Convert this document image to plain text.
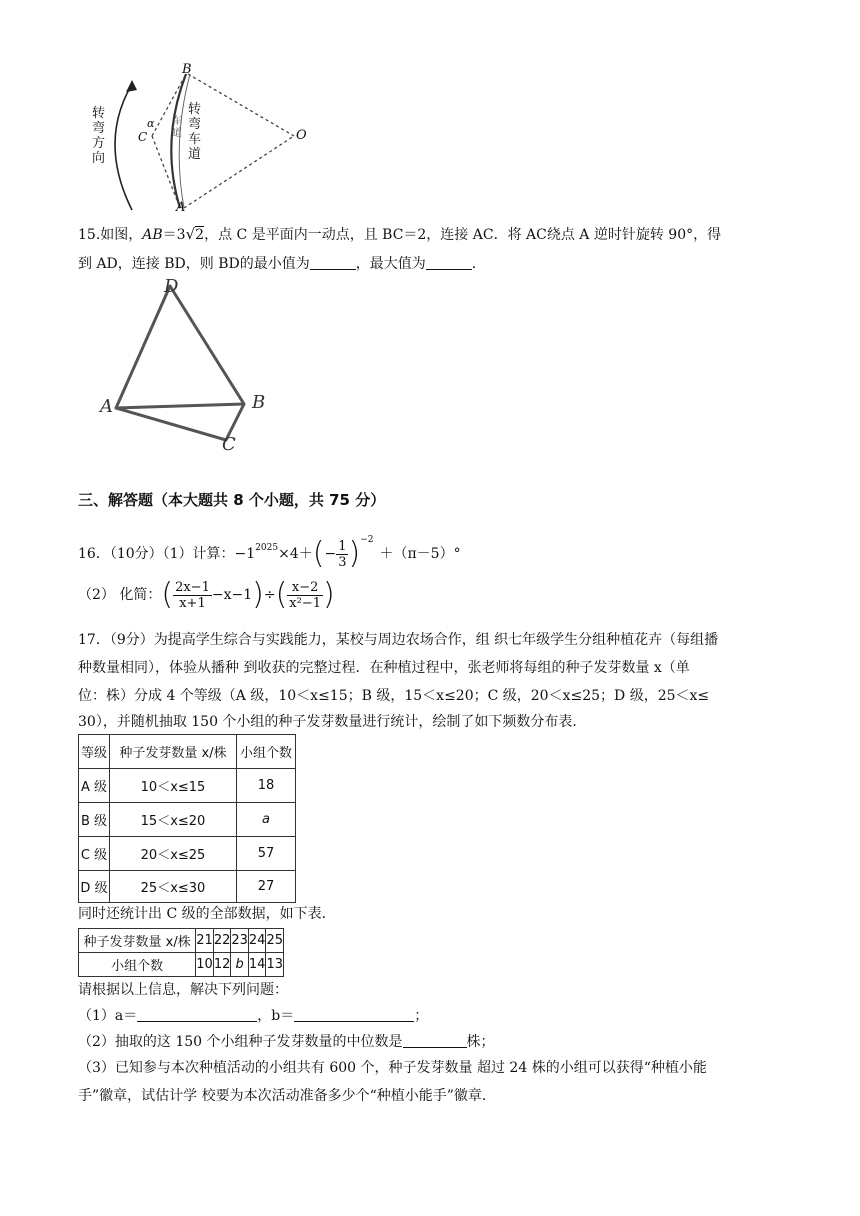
转弯方向
转弯车道
车道
B
A
C	O
α
15.如图，AB＝3√2，点 C 是平面内一动点，且 BC＝2，连接 AC．将 AC绕点 A 逆时针旋转 90°，得
到 AD，连接 BD，则 BD的最小值为	，最大值为	．
D
A	B
C
三、解答题（本大题共 8 个小题，共 75 分）
16．（10分）（1）计算：$-1^{2025}\times 4+(- \frac{1}{3} )^{-2}+(\pi-5)^\circ$
（2） 化简：( $\frac{2x-1}{x+1} -x-1)\div( \frac{x-2}{\text{x²−1}}$ )
17．（9分）为提高学生综合与实践能力，某校与周边农场合作，组 织七年级学生分组种植花卉（每组播
种数量相同），体验从播种 到收获的完整过程．在种植过程中，张老师将每组的种子发芽数量 x（单
位：株）分成 4 个等级（A 级，10＜x≤15；B 级，15＜x≤20；C 级，20＜x≤25；D 级，25＜x≤
30），并随机抽取 150 个小组的种子发芽数量进行统计，绘制了如下频数分布表．
等级	种子发芽数量 x/株	小组个数
A 级	10＜x≤15	18
B 级	15＜x≤20	a
C 级	20＜x≤25	57
D 级	25＜x≤30	27
同时还统计出 C 级的全部数据，如下表．
种子发芽数量 x/株	21	22	23	24	25
小组个数	10	12	b	14	13
请根据以上信息，解决下列问题：
（1）a＝	，b＝	；
（2）抽取的这 150 个小组种子发芽数量的中位数是	株；
（3）已知参与本次种植活动的小组共有 600 个，种子发芽数量 超过 24 株的小组可以获得“种植小能
手”徽章，试估计学 校要为本次活动准备多少个“种植小能手”徽章．
